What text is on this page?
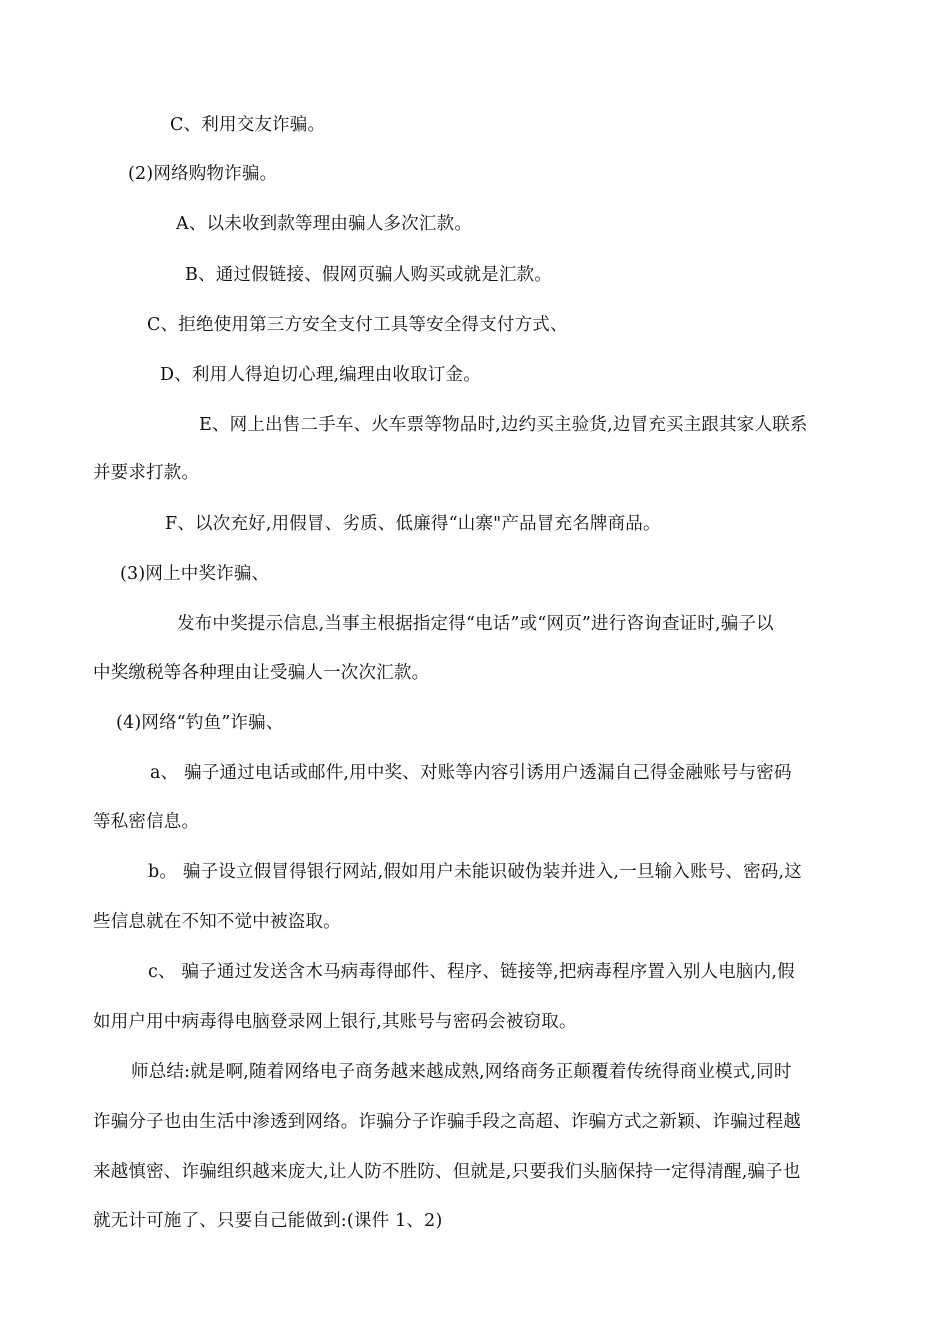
C、利用交友诈骗。
(2)网络购物诈骗。
A、以未收到款等理由骗人多次汇款。
B、通过假链接、假网页骗人购买或就是汇款。
C、拒绝使用第三方安全支付工具等安全得支付方式、
D、利用人得迫切心理,编理由收取订金。
E、网上出售二手车、火车票等物品时,边约买主验货,边冒充买主跟其家人联系
并要求打款。
F、以次充好,用假冒、劣质、低廉得“山寨"产品冒充名牌商品。
(3)网上中奖诈骗、
发布中奖提示信息,当事主根据指定得“电话”或“网页”进行咨询查证时,骗子以
中奖缴税等各种理由让受骗人一次次汇款。
(4)网络“钓鱼”诈骗、
a、 骗子通过电话或邮件,用中奖、对账等内容引诱用户透漏自己得金融账号与密码
等私密信息。
b。 骗子设立假冒得银行网站,假如用户未能识破伪装并进入,一旦输入账号、密码,这
些信息就在不知不觉中被盗取。
c、 骗子通过发送含木马病毒得邮件、程序、链接等,把病毒程序置入别人电脑内,假
如用户用中病毒得电脑登录网上银行,其账号与密码会被窃取。
师总结:就是啊,随着网络电子商务越来越成熟,网络商务正颠覆着传统得商业模式,同时
诈骗分子也由生活中渗透到网络。诈骗分子诈骗手段之高超、诈骗方式之新颖、诈骗过程越
来越慎密、诈骗组织越来庞大,让人防不胜防、但就是,只要我们头脑保持一定得清醒,骗子也
就无计可施了、只要自己能做到:(课件 1、2)
